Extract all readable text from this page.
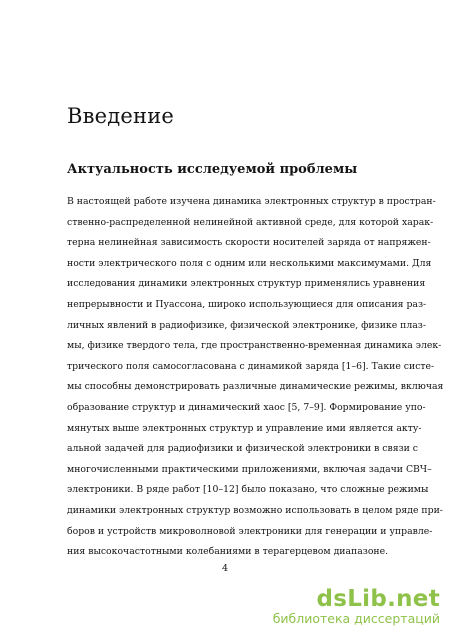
Введение
Актуальность исследуемой проблемы
В настоящей работе изучена динамика электронных структур в простран-
ственно-распределенной нелинейной активной среде, для которой харак-
терна нелинейная зависимость скорости носителей заряда от напряжен-
ности электрического поля с одним или несколькими максимумами. Для
исследования динамики электронных структур применялись уравнения
непрерывности и Пуассона, широко использующиеся для описания раз-
личных явлений в радиофизике, физической электронике, физике плаз-
мы, физике твердого тела, где пространственно-временная динамика элек-
трического поля самосогласована с динамикой заряда [1–6]. Такие систе-
мы способны демонстрировать различные динамические режимы, включая
образование структур и динамический хаос [5, 7–9]. Формирование упо-
мянутых выше электронных структур и управление ими является акту-
альной задачей для радиофизики и физической электроники в связи с
многочисленными практическими приложениями, включая задачи СВЧ–
электроники. В ряде работ [10–12] было показано, что сложные режимы
динамики электронных структур возможно использовать в целом ряде при-
боров и устройств микроволновой электроники для генерации и управле-
ния высокочастотными колебаниями в терагерцевом диапазоне.
4
dsLib.net
библиотека диссертаций
